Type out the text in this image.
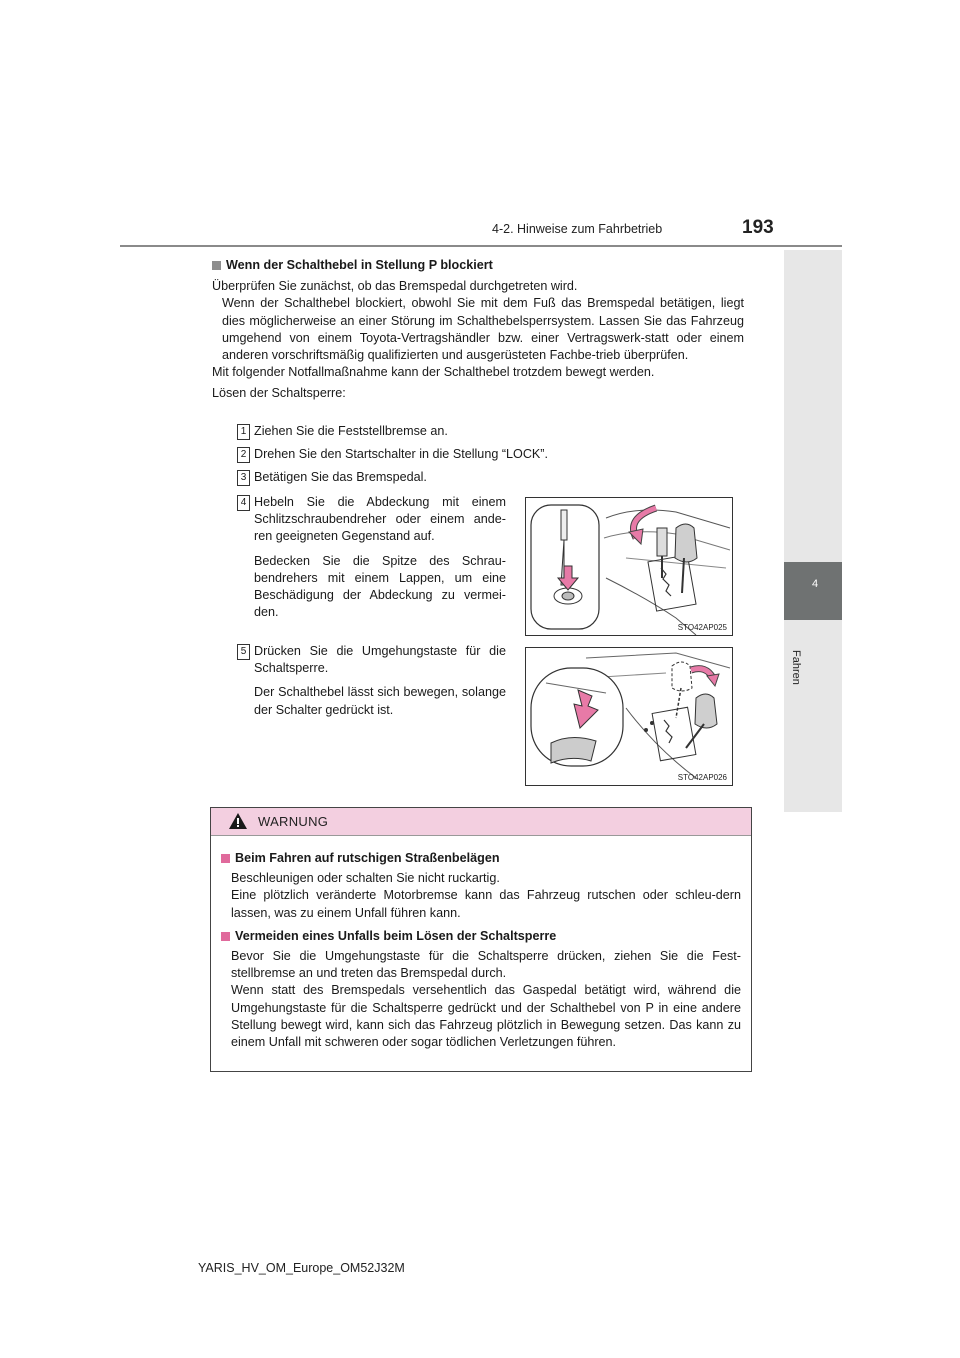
4-2. Hinweise zum Fahrbetrieb	193
4
Fahren
Wenn der Schalthebel in Stellung P blockiert
Überprüfen Sie zunächst, ob das Bremspedal durchgetreten wird.
Wenn der Schalthebel blockiert, obwohl Sie mit dem Fuß das Bremspedal betätigen, liegt dies möglicherweise an einer Störung im Schalthebelsperrsystem. Lassen Sie das Fahrzeug umgehend von einem Toyota-Vertragshändler bzw. einer Vertragswerk-statt oder einem anderen vorschriftsmäßig qualifizierten und ausgerüsteten Fachbe-trieb überprüfen.
Mit folgender Notfallmaßnahme kann der Schalthebel trotzdem bewegt werden.
Lösen der Schaltsperre:
1 Ziehen Sie die Feststellbremse an.
2 Drehen Sie den Startschalter in die Stellung “LOCK”.
3 Betätigen Sie das Bremspedal.
4 Hebeln Sie die Abdeckung mit einem Schlitzschraubendreher oder einem ande-ren geeigneten Gegenstand auf.
Bedecken Sie die Spitze des Schrau-bendrehers mit einem Lappen, um eine Beschädigung der Abdeckung zu vermei-den.
STO42AP025
5 Drücken Sie die Umgehungstaste für die Schaltsperre.
Der Schalthebel lässt sich bewegen, solange der Schalter gedrückt ist.
STO42AP026
WARNUNG
Beim Fahren auf rutschigen Straßenbelägen
Beschleunigen oder schalten Sie nicht ruckartig.
Eine plötzlich veränderte Motorbremse kann das Fahrzeug rutschen oder schleu-dern lassen, was zu einem Unfall führen kann.
Vermeiden eines Unfalls beim Lösen der Schaltsperre
Bevor Sie die Umgehungstaste für die Schaltsperre drücken, ziehen Sie die Fest-stellbremse an und treten das Bremspedal durch.
Wenn statt des Bremspedals versehentlich das Gaspedal betätigt wird, während die Umgehungstaste für die Schaltsperre gedrückt und der Schalthebel von P in eine andere Stellung bewegt wird, kann sich das Fahrzeug plötzlich in Bewegung setzen. Das kann zu einem Unfall mit schweren oder sogar tödlichen Verletzungen führen.
YARIS_HV_OM_Europe_OM52J32M
